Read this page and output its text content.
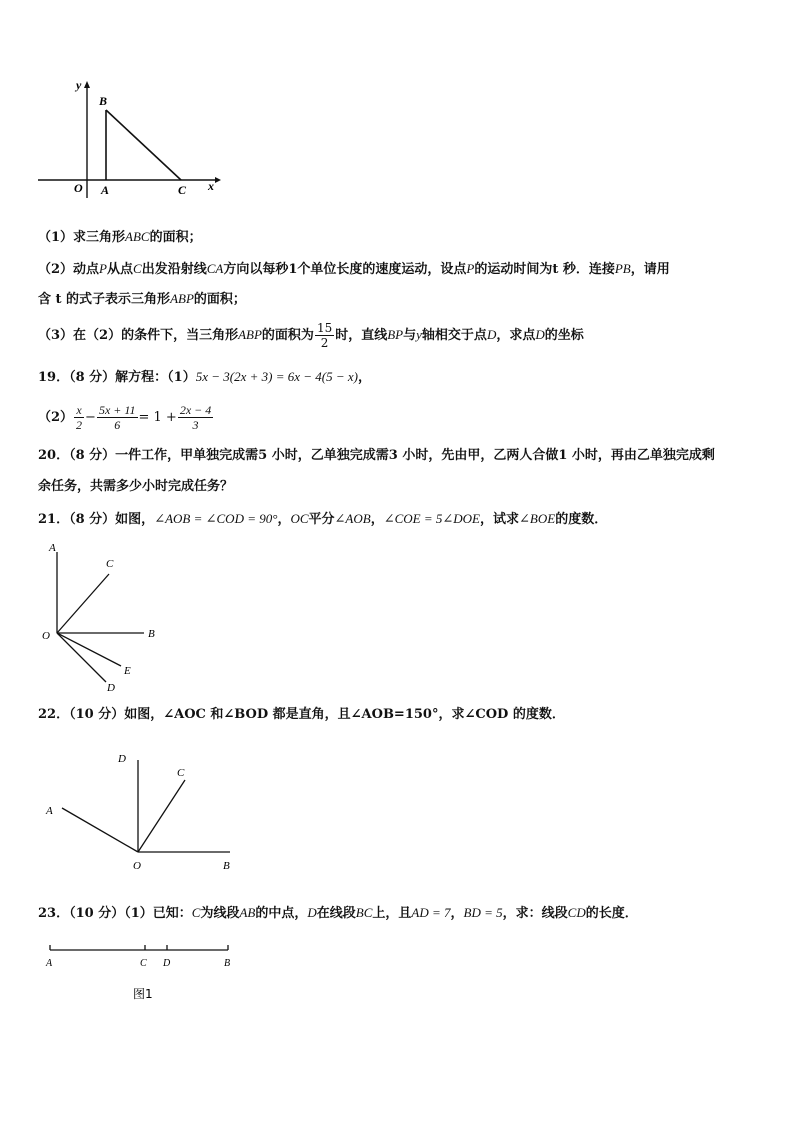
y
B
O A	C x
（1）求三角形ABC的面积；
（2）动点P从点C出发沿射线CA方向以每秒1个单位长度的速度运动，设点P的运动时间为t 秒．连接PB，请用
含 t 的式子表示三角形ABP的面积；
（3）在（2）的条件下，当三角形ABP的面积为 $\frac{15}{2}$ 时，直线BP与y轴相交于点D，求点D的坐标
19．（8 分）解方程：（1）5x − 3(2x + 3) = 6x − 4(5 − x)，
$(2) \frac{x}{2} - \frac{5x + 11}{6} = 1 + \frac{2x - 4}{3}$
20．（8 分）一件工作，甲单独完成需5 小时，乙单独完成需3 小时，先由甲，乙两人合做1 小时，再由乙单独完成剩
余任务，共需多少小时完成任务？
21．（8 分）如图，∠AOB = ∠COD = 90°，OC平分∠AOB，∠COE = 5∠DOE，试求∠BOE的度数．
A
C
O	B
E
D
22．（10 分）如图，∠AOC 和∠BOD 都是直角，且∠AOB=150°，求∠COD 的度数．
D
C
A
O	B
23．（10 分）（1）已知：C为线段AB的中点，D在线段BC上，且AD = 7，BD = 5，求：线段CD的长度．
A	C D	B
图1
